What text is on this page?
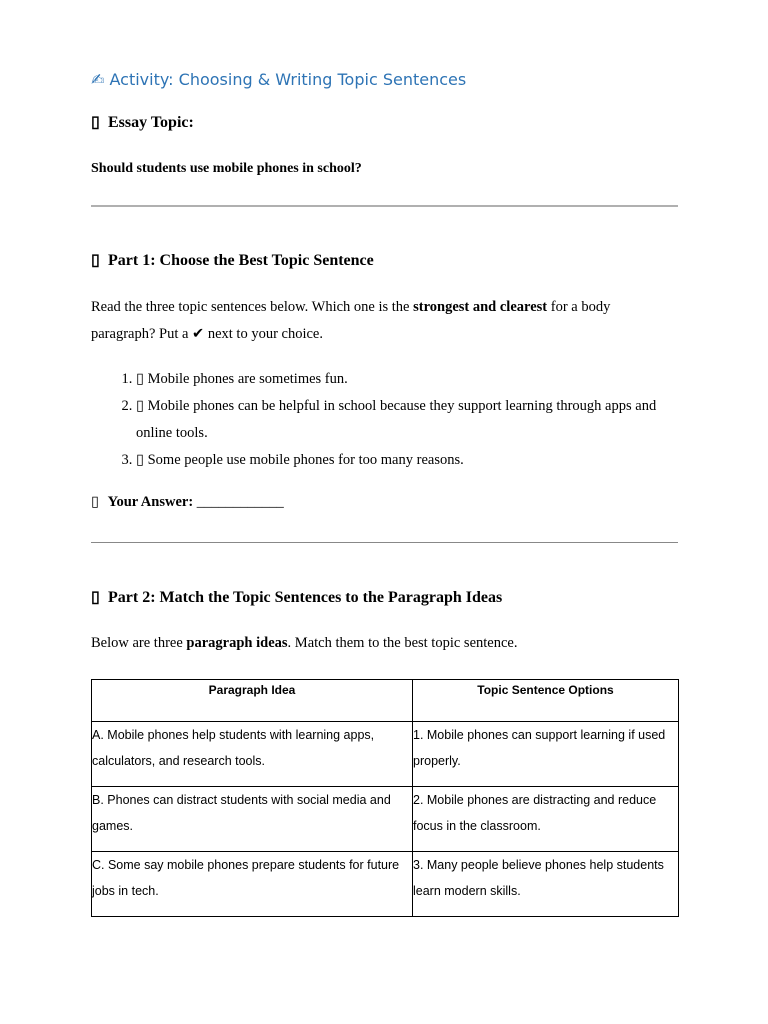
✍ Activity: Choosing & Writing Topic Sentences
▯ Essay Topic:
Should students use mobile phones in school?
▯ Part 1: Choose the Best Topic Sentence
Read the three topic sentences below. Which one is the strongest and clearest for a body paragraph? Put a ✔ next to your choice.
1. ▯ Mobile phones are sometimes fun.
2. ▯ Mobile phones can be helpful in school because they support learning through apps and online tools.
3. ▯ Some people use mobile phones for too many reasons.
▯ Your Answer: ____________
▯ Part 2: Match the Topic Sentences to the Paragraph Ideas
Below are three paragraph ideas. Match them to the best topic sentence.
Paragraph Idea	Topic Sentence Options
A. Mobile phones help students with learning apps, calculators, and research tools.	1. Mobile phones can support learning if used properly.
B. Phones can distract students with social media and games.	2. Mobile phones are distracting and reduce focus in the classroom.
C. Some say mobile phones prepare students for future jobs in tech.	3. Many people believe phones help students learn modern skills.
